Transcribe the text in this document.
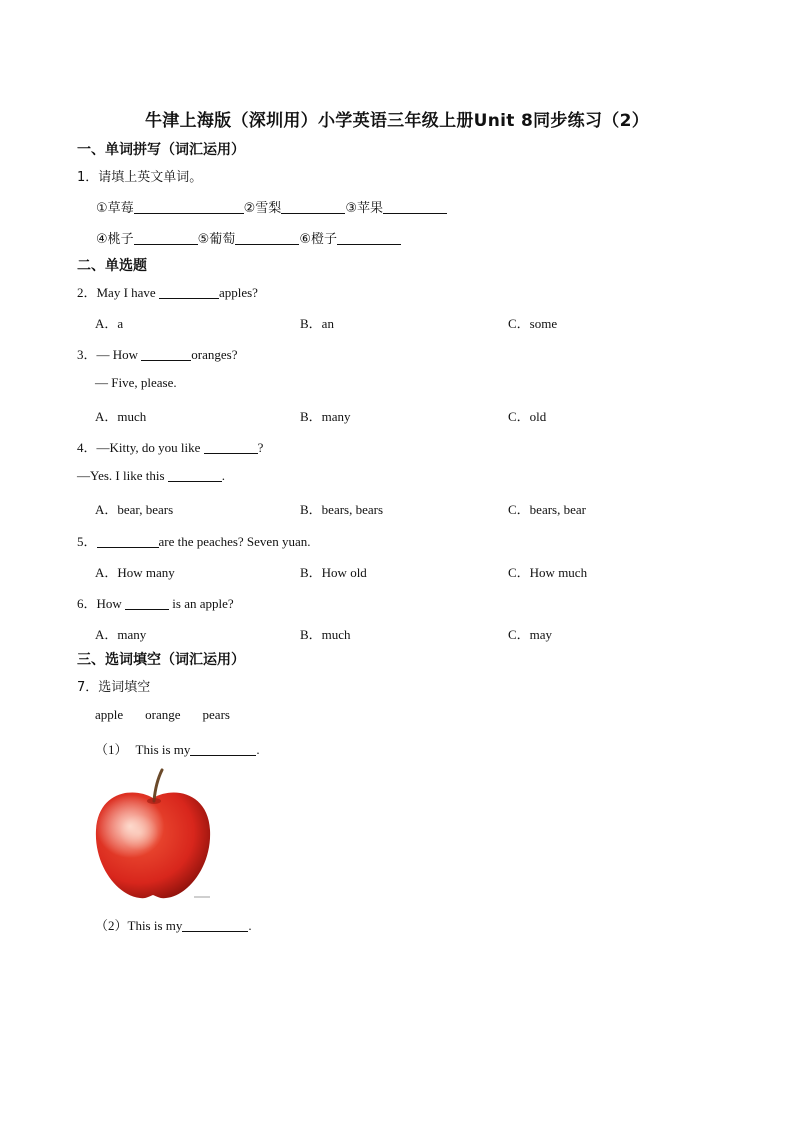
牛津上海版（深圳用）小学英语三年级上册Unit 8同步练习（2）
一、单词拼写（词汇运用）
1．请填上英文单词。
①草莓	②雪梨	③苹果
④桃子	⑤葡萄	⑥橙子
二、单选题
2．May I have	apples?
A．a	B．an	C．some
3．— How	oranges?
— Five, please.
A．much	B．many	C．old
4．—Kitty, do you like	?
—Yes. I like this	.
A．bear, bears	B．bears, bears	C．bears, bear
5．	are the peaches? Seven yuan.
A．How many	B．How old	C．How much
6．How	is an apple?
A．many	B．much	C．may
三、选词填空（词汇运用）
7．选词填空
apple orange pears
（1） This is my	.
（2）This is my	.
